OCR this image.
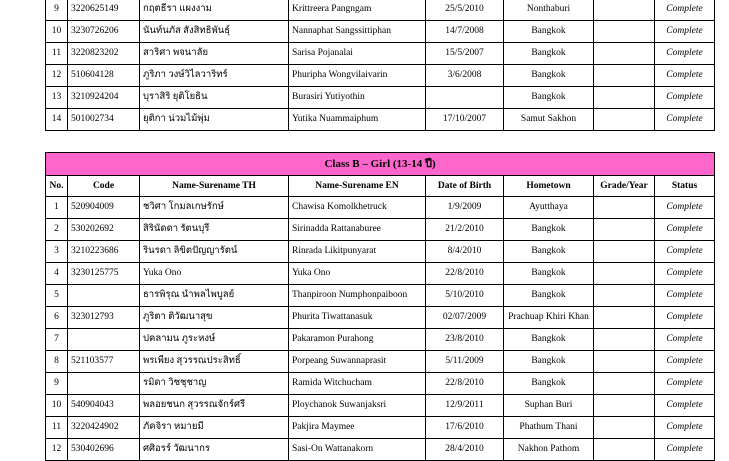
9	3220625149	กฤตธีรา แผงงาม	Krittreera Pangngam	25/5/2010	Nonthaburi		Complete
10	3230726206	นันท์นภัส สังสิทธิพันธุ์	Nannaphat Sangssittiphan	14/7/2008	Bangkok		Complete
11	3220823202	สาริศา พจนาลัย	Sarisa Pojanalai	15/5/2007	Bangkok		Complete
12	510604128	ภูริภา วงษ์วิไลวาริทร์	Phuripha Wongvilaivarin	3/6/2008	Bangkok		Complete
13	3210924204	บุราสิริ ยุติโยธิน	Burasiri Yutiyothin		Bangkok		Complete
14	501002734	ยุติกา น่วมไม้พุ่ม	Yutika Nuammaiphum	17/10/2007	Samut Sakhon		Complete
Class B – Girl (13-14 ปี)							
No.	Code	Name-Surename TH	Name-Surename EN	Date of Birth	Hometown	Grade/Year	Status
1	520904009	ชวิศา โกมลเกษรักษ์	Chawisa Komolkhetruck	1/9/2009	Ayutthaya		Complete
2	530202692	สิรินัดดา รัตนบุรี	Sirinadda Rattanaburee	21/2/2010	Bangkok		Complete
3	3210223686	รินรดา ลิขิตปัญญารัตน์	Rinrada Likitpunyarat	8/4/2010	Bangkok		Complete
4	3230125775	Yuka Ono	Yuka Ono	22/8/2010	Bangkok		Complete
5		ธารพิรุณ นำพลไพบูลย์	Thanpiroon Numphonpaiboon	5/10/2010	Bangkok		Complete
6	323012793	ภูริตา ติวัฒนาสุข	Phurita Tiwattanasuk	02/07/2009	Prachuap Khiri Khan		Complete
7		ปคลามน ภูระหงษ์	Pakaramon Purahong	23/8/2010	Bangkok		Complete
8	521103577	พรเพียง สุวรรณประสิทธิ์	Porpeang Suwannaprasit	5/11/2009	Bangkok		Complete
9		รมิดา วิชชุชาญ	Ramida Witchucham	22/8/2010	Bangkok		Complete
10	540904043	พลอยชนก สุวรรณจักร์ศรี	Ploychanok Suwanjaksri	12/9/2011	Suphan Buri		Complete
11	3220424902	ภัคจิรา หมายมี	Pakjira Maymee	17/6/2010	Phathum Thani		Complete
12	530402696	ศศิอรร์ วัฒนากร	Sasi-On Wattanakorn	28/4/2010	Nakhon Pathom		Complete
